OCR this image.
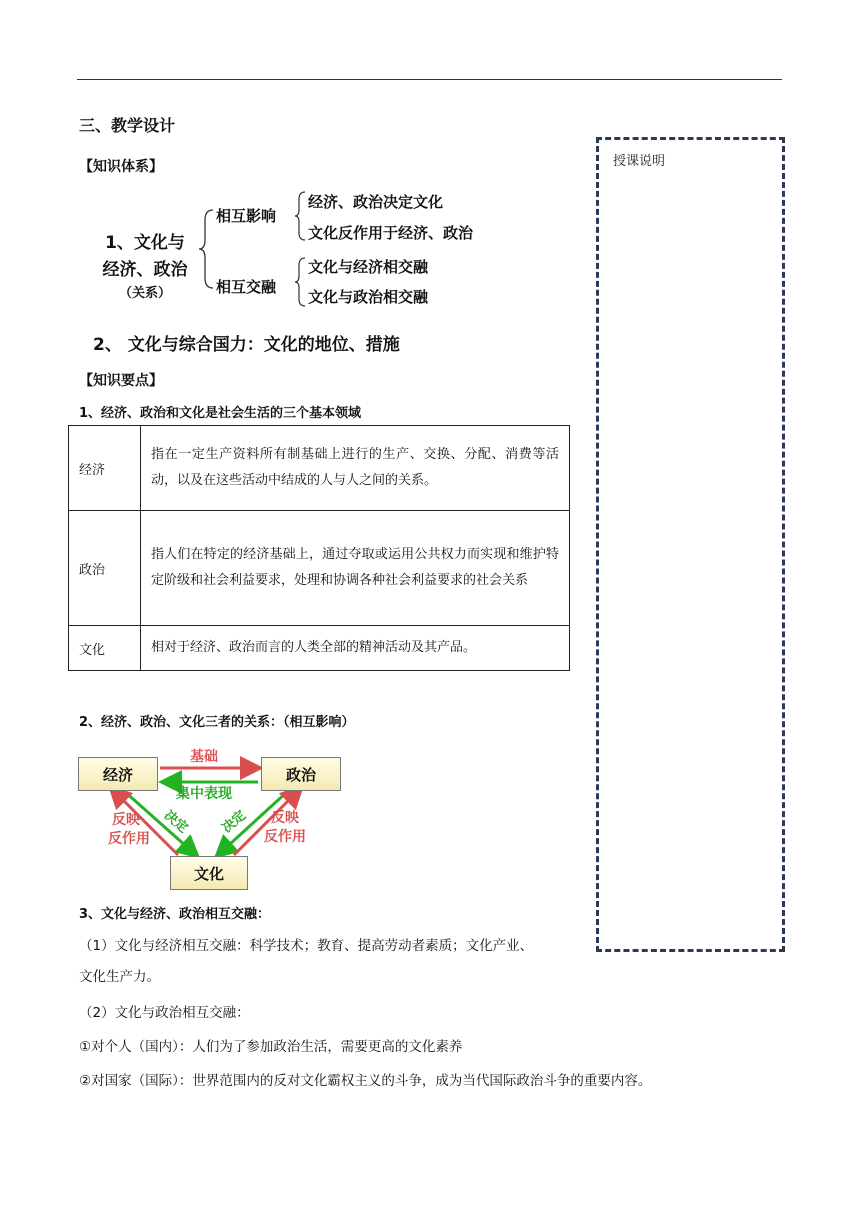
三、教学设计
授课说明
【知识体系】
1、文化与
经济、政治
（关系）
相互影响
相互交融
经济、政治决定文化
文化反作用于经济、政治
文化与经济相交融
文化与政治相交融
2、 文化与综合国力：文化的地位、措施
【知识要点】
1、经济、政治和文化是社会生活的三个基本领域
经济	指在一定生产资料所有制基础上进行的生产、交换、分配、消费等活动，以及在这些活动中结成的人与人之间的关系。
政治	指人们在特定的经济基础上，通过夺取或运用公共权力而实现和维护特定阶级和社会利益要求，处理和协调各种社会利益要求的社会关系
文化	相对于经济、政治而言的人类全部的精神活动及其产品。
2、经济、政治、文化三者的关系：（相互影响）
经济	政治
文化
基础
集中表现
决定 决定
反映
反作用
反映
反作用
3、文化与经济、政治相互交融：
（1）文化与经济相互交融：科学技术；教育、提高劳动者素质；文化产业、
文化生产力。
（2）文化与政治相互交融：
①对个人（国内）：人们为了参加政治生活，需要更高的文化素养
②对国家（国际）：世界范围内的反对文化霸权主义的斗争，成为当代国际政治斗争的重要内容。
